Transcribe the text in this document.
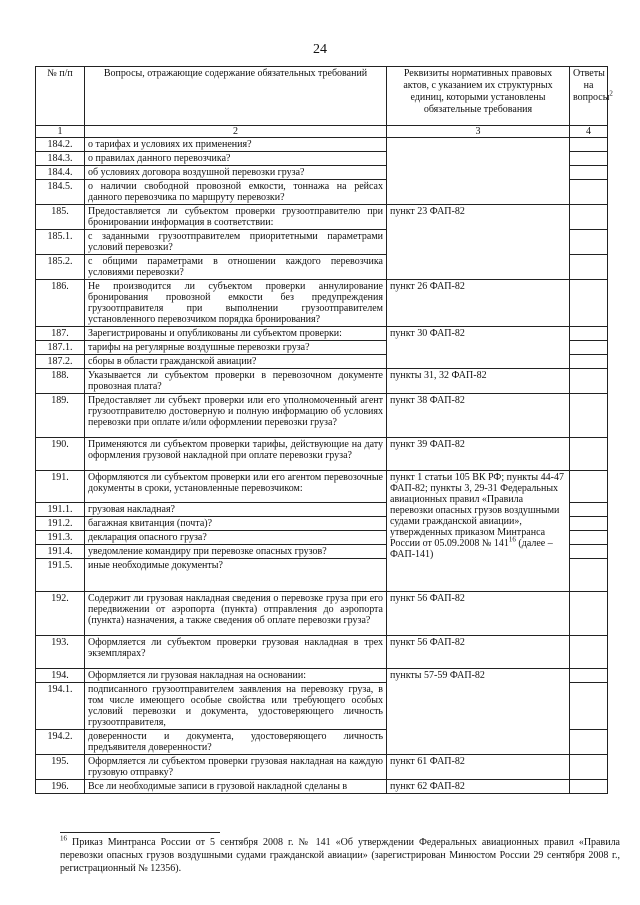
24
№ п/п	Вопросы, отражающие содержание обязательных требований	Реквизиты нормативных правовых актов, с указанием их структурных единиц, которыми установлены обязательные требования	Ответы на вопросы$^2$
1	2	3	4
184.2.	о тарифах и условиях их применения?		
184.3.	о правилах данного перевозчика?		
184.4.	об условиях договора воздушной перевозки груза?		
184.5.	о наличии свободной провозной емкости, тоннажа на рейсах данного перевозчика по маршруту перевозки?		
185.	Предоставляется ли субъектом проверки грузоотправителю при бронировании информация в соответствии:	пункт 23 ФАП-82	
185.1.	с заданными грузоотправителем приоритетными параметрами условий перевозки?		
185.2.	с общими параметрами в отношении каждого перевозчика условиями перевозки?		
186.	Не производится ли субъектом проверки аннулирование бронирования провозной емкости без предупреждения грузоотправителя при выполнении грузоотправителем установленного перевозчиком порядка бронирования?	пункт 26 ФАП-82	
187.	Зарегистрированы и опубликованы ли субъектом проверки:	пункт 30 ФАП-82	
187.1.	тарифы на регулярные воздушные перевозки груза?		
187.2.	сборы в области гражданской авиации?		
188.	Указывается ли субъектом проверки в перевозочном документе провозная плата?	пункты 31, 32 ФАП-82	
189.	Предоставляет ли субъект проверки или его уполномоченный агент грузоотправителю достоверную и полную информацию об условиях перевозки при оплате и/или оформлении перевозки груза?	пункт 38 ФАП-82	
190.	Применяются ли субъектом проверки тарифы, действующие на дату оформления грузовой накладной при оплате перевозки груза?	пункт 39 ФАП-82	
191.	Оформляются ли субъектом проверки или его агентом перевозочные документы в сроки, установленные перевозчиком:	пункт 1 статьи 105 ВК РФ; пункты 44-47 ФАП-82; пункты 3, 29-31 Федеральных авиационных правил «Правила перевозки опасных грузов воздушными судами гражданской авиации», утвержденных приказом Минтранса России от 05.09.2008 № $141^{16}$ (далее – ФАП-141)	
191.1.	грузовая накладная?		
191.2.	багажная квитанция (почта)?		
191.3.	декларация опасного груза?		
191.4.	уведомление командиру при перевозке опасных грузов?		
191.5.	иные необходимые документы?		
192.	Содержит ли грузовая накладная сведения о перевозке груза при его передвижении от аэропорта (пункта) отправления до аэропорта (пункта) назначения, а также сведения об оплате перевозки груза?	пункт 56 ФАП-82	
193.	Оформляется ли субъектом проверки грузовая накладная в трех экземплярах?	пункт 56 ФАП-82	
194.	Оформляется ли грузовая накладная на основании:	пункты 57-59 ФАП-82	
194.1.	подписанного грузоотправителем заявления на перевозку груза, в том числе имеющего особые свойства или требующего особых условий перевозки и документа, удостоверяющего личность грузоотправителя,		
194.2.	доверенности и документа, удостоверяющего личность предъявителя доверенности?		
195.	Оформляется ли субъектом проверки грузовая накладная на каждую грузовую отправку?	пункт 61 ФАП-82	
196.	Все ли необходимые записи в грузовой накладной сделаны в	пункт 62 ФАП-82	
$^{16}$ Приказ Минтранса России от 5 сентября 2008 г. № 141 «Об утверждении Федеральных авиационных правил «Правила перевозки опасных грузов воздушными судами гражданской авиации» (зарегистрирован Минюстом России 29 сентября 2008 г., регистрационный № 12356).
